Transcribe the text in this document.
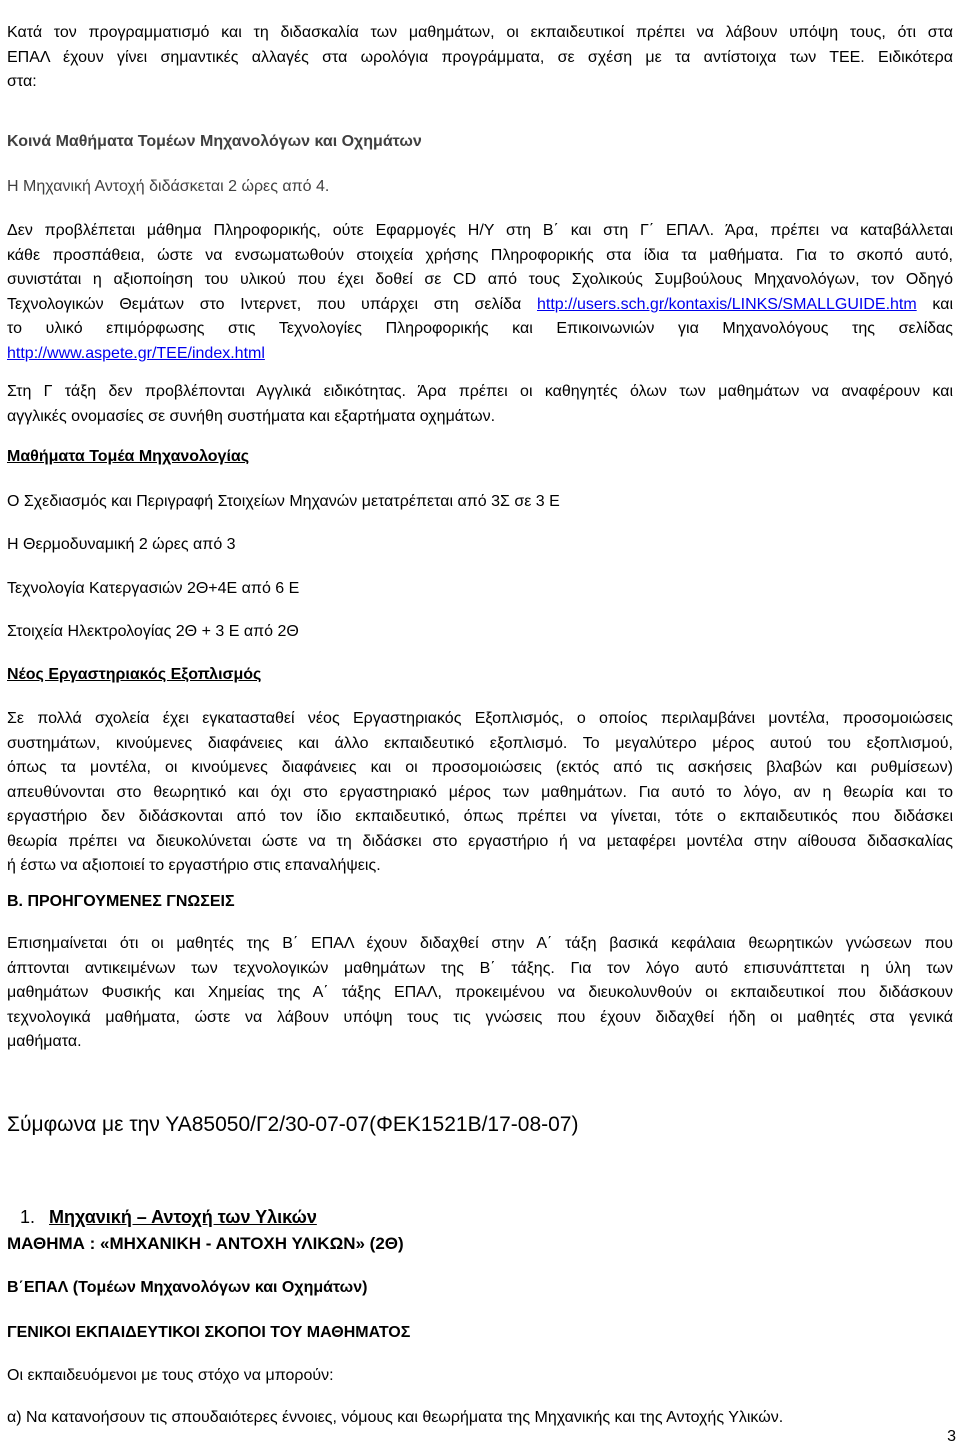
Κατά τον προγραμματισμό και τη διδασκαλία των μαθημάτων, οι εκπαιδευτικοί πρέπει να λάβουν υπόψη τους, ότι στα
ΕΠΑΛ έχουν γίνει σημαντικές αλλαγές στα ωρολόγια προγράμματα, σε σχέση με τα αντίστοιχα των ΤΕΕ. Ειδικότερα
στα:
Κοινά Μαθήματα Τομέων Μηχανολόγων και Οχημάτων
Η Μηχανική Αντοχή διδάσκεται 2 ώρες από 4.
Δεν προβλέπεται μάθημα Πληροφορικής, ούτε Εφαρμογές Η/Υ στη Β΄ και στη Γ΄ ΕΠΑΛ. Άρα, πρέπει να καταβάλλεται
κάθε προσπάθεια, ώστε να ενσωματωθούν στοιχεία χρήσης Πληροφορικής στα ίδια τα μαθήματα. Για το σκοπό αυτό,
συνιστάται η αξιοποίηση του υλικού που έχει δοθεί σε CD από τους Σχολικούς Συμβούλους Μηχανολόγων, τον Οδηγό
Τεχνολογικών Θεμάτων στο Ιντερνετ, που υπάρχει στη σελίδα http://users.sch.gr/kontaxis/LINKS/SMALLGUIDE.htm και
το υλικό επιμόρφωσης στις Τεχνολογίες Πληροφορικής και Επικοινωνιών για Μηχανολόγους της σελίδας
http://www.aspete.gr/TEE/index.html
Στη Γ τάξη δεν προβλέπονται Αγγλικά ειδικότητας. Άρα πρέπει οι καθηγητές όλων των μαθημάτων να αναφέρουν και
αγγλικές ονομασίες σε συνήθη συστήματα και εξαρτήματα οχημάτων.
Μαθήματα Τομέα Μηχανολογίας
Ο Σχεδιασμός και Περιγραφή Στοιχείων Μηχανών μετατρέπεται από 3Σ σε 3 Ε
Η Θερμοδυναμική 2 ώρες από 3
Τεχνολογία Κατεργασιών 2Θ+4Ε από 6 Ε
Στοιχεία Ηλεκτρολογίας 2Θ + 3 Ε από 2Θ
Νέος Εργαστηριακός Εξοπλισμός
Σε πολλά σχολεία έχει εγκατασταθεί νέος Εργαστηριακός Εξοπλισμός, ο οποίος περιλαμβάνει μοντέλα, προσομοιώσεις
συστημάτων, κινούμενες διαφάνειες και άλλο εκπαιδευτικό εξοπλισμό. Το μεγαλύτερο μέρος αυτού του εξοπλισμού,
όπως τα μοντέλα, οι κινούμενες διαφάνειες και οι προσομοιώσεις (εκτός από τις ασκήσεις βλαβών και ρυθμίσεων)
απευθύνονται στο θεωρητικό και όχι στο εργαστηριακό μέρος των μαθημάτων. Για αυτό το λόγο, αν η θεωρία και το
εργαστήριο δεν διδάσκονται από τον ίδιο εκπαιδευτικό, όπως πρέπει να γίνεται, τότε ο εκπαιδευτικός που διδάσκει
θεωρία πρέπει να διευκολύνεται ώστε να τη διδάσκει στο εργαστήριο ή να μεταφέρει μοντέλα στην αίθουσα διδασκαλίας
ή έστω να αξιοποιεί το εργαστήριο στις επαναλήψεις.
Β. ΠΡΟΗΓΟΥΜΕΝΕΣ ΓΝΩΣΕΙΣ
Επισημαίνεται ότι οι μαθητές της Β΄ ΕΠΑΛ έχουν διδαχθεί στην Α΄ τάξη βασικά κεφάλαια θεωρητικών γνώσεων που
άπτονται αντικειμένων των τεχνολογικών μαθημάτων της Β΄ τάξης. Για τον λόγο αυτό επισυνάπτεται η ύλη των
μαθημάτων Φυσικής και Χημείας της Α΄ τάξης ΕΠΑΛ, προκειμένου να διευκολυνθούν οι εκπαιδευτικοί που διδάσκουν
τεχνολογικά μαθήματα, ώστε να λάβουν υπόψη τους τις γνώσεις που έχουν διδαχθεί ήδη οι μαθητές στα γενικά
μαθήματα.
Σύμφωνα με την ΥΑ85050/Γ2/30-07-07(ΦΕΚ1521Β/17-08-07)
1. Μηχανική – Αντοχή των Υλικών
ΜΑΘΗΜΑ : «ΜΗΧΑΝΙΚΗ - ΑΝΤΟΧΗ ΥΛΙΚΩΝ» (2Θ)
Β΄ΕΠΑΛ (Τομέων Μηχανολόγων και Οχημάτων)
ΓΕΝΙΚΟΙ ΕΚΠΑΙΔΕΥΤΙΚΟΙ ΣΚΟΠΟΙ ΤΟΥ ΜΑΘΗΜΑΤΟΣ
Οι εκπαιδευόμενοι με τους στόχο να μπορούν:
α) Να κατανοήσουν τις σπουδαιότερες έννοιες, νόμους και θεωρήματα της Μηχανικής και της Αντοχής Υλικών.
3
